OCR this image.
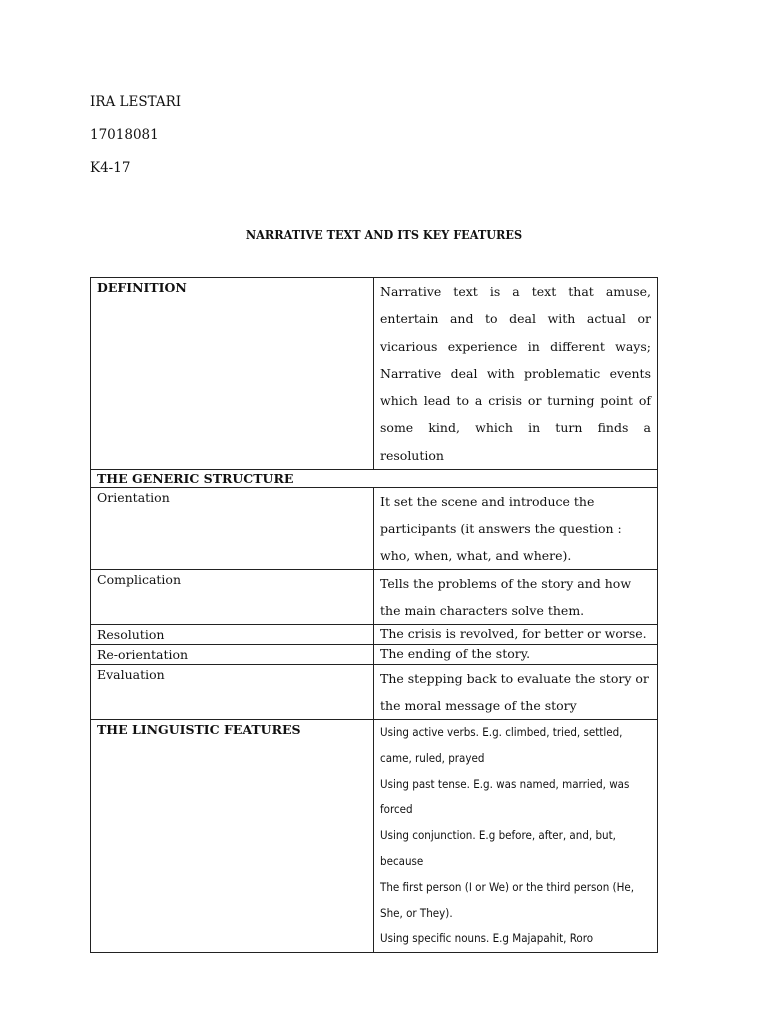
IRA LESTARI
17018081
K4-17
NARRATIVE TEXT AND ITS KEY FEATURES
DEFINITION	Narrative text is a text that amuse, entertain and to deal with actual or vicarious experience in different ways; Narrative deal with problematic events which lead to a crisis or turning point of some kind, which in turn finds a resolution
THE GENERIC STRUCTURE	
Orientation	It set the scene and introduce the participants (it answers the question : who, when, what, and where).
Complication	Tells the problems of the story and how the main characters solve them.
Resolution	The crisis is revolved, for better or worse.
Re-orientation	The ending of the story.
Evaluation	The stepping back to evaluate the story or the moral message of the story
THE LINGUISTIC FEATURES	Using active verbs. E.g. climbed, tried, settled, came, ruled, prayed
Using past tense. E.g. was named, married, was forced
Using conjunction. E.g before, after, and, but, because
The first person (I or We) or the third person (He, She, or They).
Using specific nouns. E.g Majapahit, Roro
